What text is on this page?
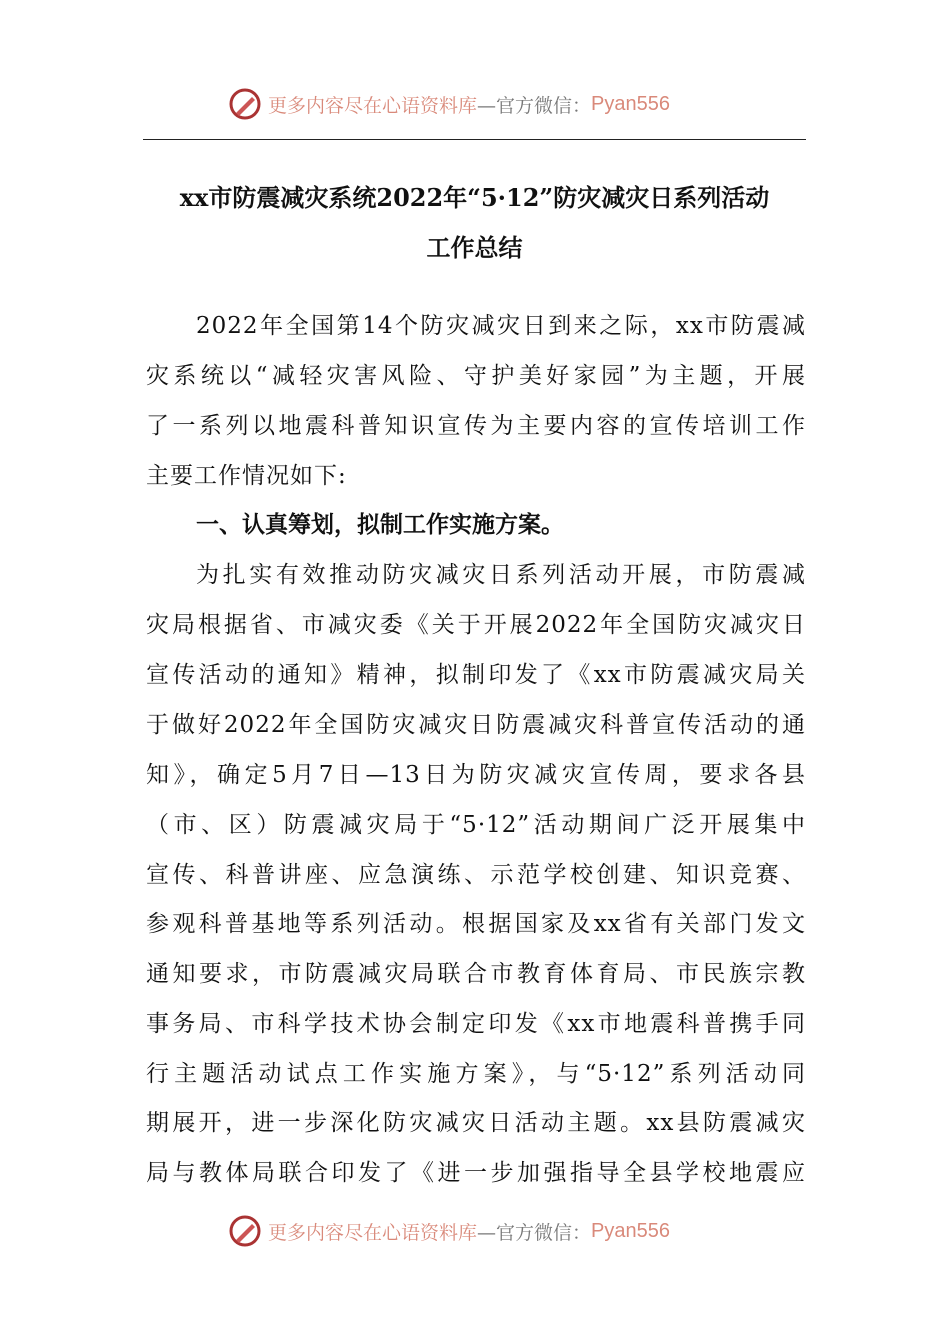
更多内容尽在心语资料库 —官方微信： Pyan556
xx市防震减灾系统2022年“5·12”防灾减灾日系列活动
工作总结
2022年全国第14个防灾减灾日到来之际，xx市防震减
灾系统以“减轻灾害风险、守护美好家园”为主题，开展
了一系列以地震科普知识宣传为主要内容的宣传培训工作
主要工作情况如下:
一、认真筹划，拟制工作实施方案。
为扎实有效推动防灾减灾日系列活动开展，市防震减
灾局根据省、市减灾委《关于开展2022年全国防灾减灾日
宣传活动的通知》精神，拟制印发了《xx市防震减灾局关
于做好2022年全国防灾减灾日防震减灾科普宣传活动的通
知》，确定5月7日—13日为防灾减灾宣传周，要求各县
（市、区）防震减灾局于“5·12”活动期间广泛开展集中
宣传、科普讲座、应急演练、示范学校创建、知识竞赛、
参观科普基地等系列活动。根据国家及xx省有关部门发文
通知要求，市防震减灾局联合市教育体育局、市民族宗教
事务局、市科学技术协会制定印发《xx市地震科普携手同
行主题活动试点工作实施方案》，与“5·12”系列活动同
期展开，进一步深化防灾减灾日活动主题。xx县防震减灾
局与教体局联合印发了《进一步加强指导全县学校地震应
更多内容尽在心语资料库 —官方微信： Pyan556
